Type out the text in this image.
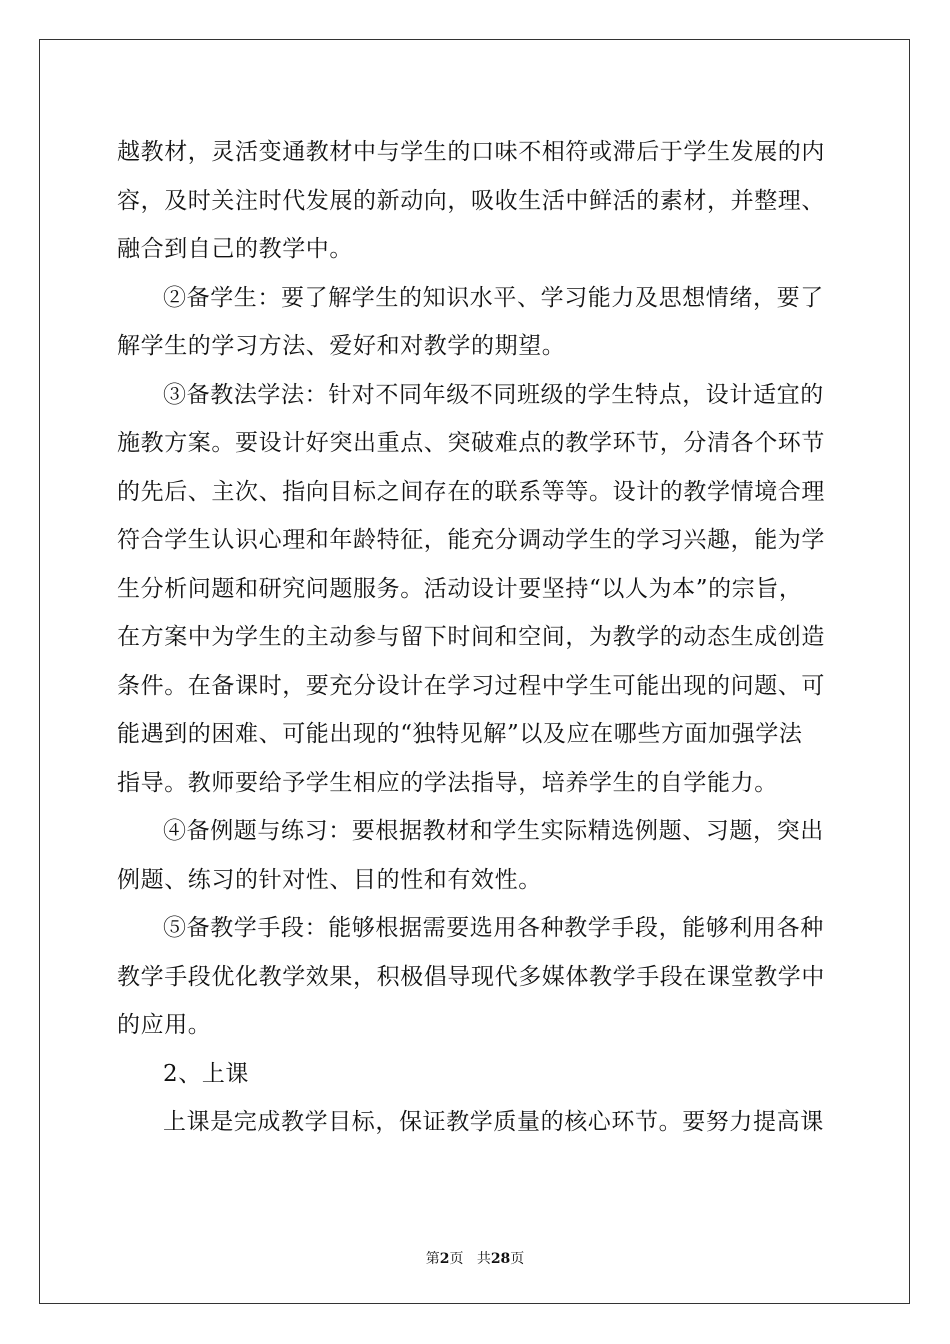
越教材，灵活变通教材中与学生的口味不相符或滞后于学生发展的内
容，及时关注时代发展的新动向，吸收生活中鲜活的素材，并整理、
融合到自己的教学中。
②备学生：要了解学生的知识水平、学习能力及思想情绪，要了
解学生的学习方法、爱好和对教学的期望。
③备教法学法：针对不同年级不同班级的学生特点，设计适宜的
施教方案。要设计好突出重点、突破难点的教学环节，分清各个环节
的先后、主次、指向目标之间存在的联系等等。设计的教学情境合理
符合学生认识心理和年龄特征，能充分调动学生的学习兴趣，能为学
生分析问题和研究问题服务。活动设计要坚持“以人为本”的宗旨，
在方案中为学生的主动参与留下时间和空间，为教学的动态生成创造
条件。在备课时，要充分设计在学习过程中学生可能出现的问题、可
能遇到的困难、可能出现的“独特见解”以及应在哪些方面加强学法
指导。教师要给予学生相应的学法指导，培养学生的自学能力。
④备例题与练习：要根据教材和学生实际精选例题、习题，突出
例题、练习的针对性、目的性和有效性。
⑤备教学手段：能够根据需要选用各种教学手段，能够利用各种
教学手段优化教学效果，积极倡导现代多媒体教学手段在课堂教学中
的应用。
2、上课
上课是完成教学目标，保证教学质量的核心环节。要努力提高课
第2页 共28页
